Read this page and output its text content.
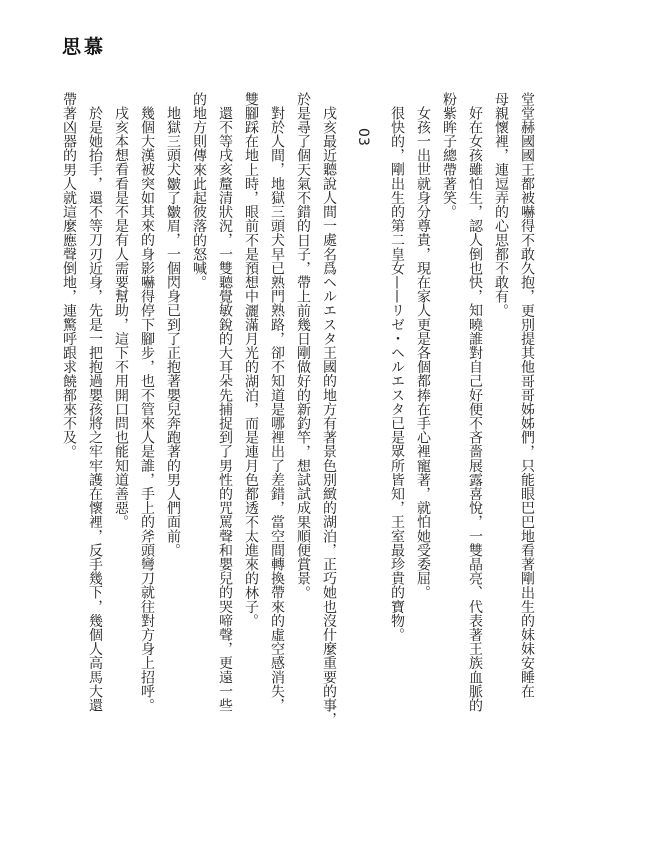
思慕

堂堂赫國國王都被嚇得不敢久抱，更別提其他哥哥姊姊們，只能眼巴巴地看著剛出生的妹妹安睡在

母親懷裡，連逗弄的心思都不敢有。

好在女孩雖怕生，認人倒也快，知曉誰對自己好便不吝嗇展露喜悅，一雙晶亮、代表著王族血脈的

粉紫眸子總帶著笑。

女孩一出世就身分尊貴，現在家人更是各個都捧在手心裡寵著，就怕她受委屈。

很快的，剛出生的第二皇女——リゼ・ヘルエスタ已是眾所皆知，王室最珍貴的寶物。

03

戌亥最近聽說人間一處名爲ヘルエスタ王國的地方有著景色別緻的湖泊，正巧她也沒什麼重要的事，

於是尋了個天氣不錯的日子，帶上前幾日剛做好的新釣竿，想試試成果順便賞景。

對於人間，地獄三頭犬早已熟門熟路，卻不知道是哪裡出了差錯，當空間轉換帶來的虛空感消失，

雙腳踩在地上時，眼前不是預想中灑滿月光的湖泊，而是連月色都透不太進來的林子。

還不等戌亥釐清狀況，一雙聽覺敏銳的大耳朵先捕捉到了男性的咒罵聲和嬰兒的哭啼聲，更遠一些

的地方則傳來此起彼落的怒喊。

地獄三頭犬皺了皺眉，一個閃身已到了正抱著嬰兒奔跑著的男人們面前。

幾個大漢被突如其來的身影嚇得停下腳步，也不管來人是誰，手上的斧頭彎刀就往對方身上招呼。

戌亥本想看看是不是有人需要幫助，這下不用開口問也能知道善惡。

於是她抬手，還不等刀刃近身，先是一把抱過嬰孩將之牢牢護在懷裡，反手幾下，幾個人高馬大還

帶著凶器的男人就這麼應聲倒地，連驚呼跟求饒都來不及。
